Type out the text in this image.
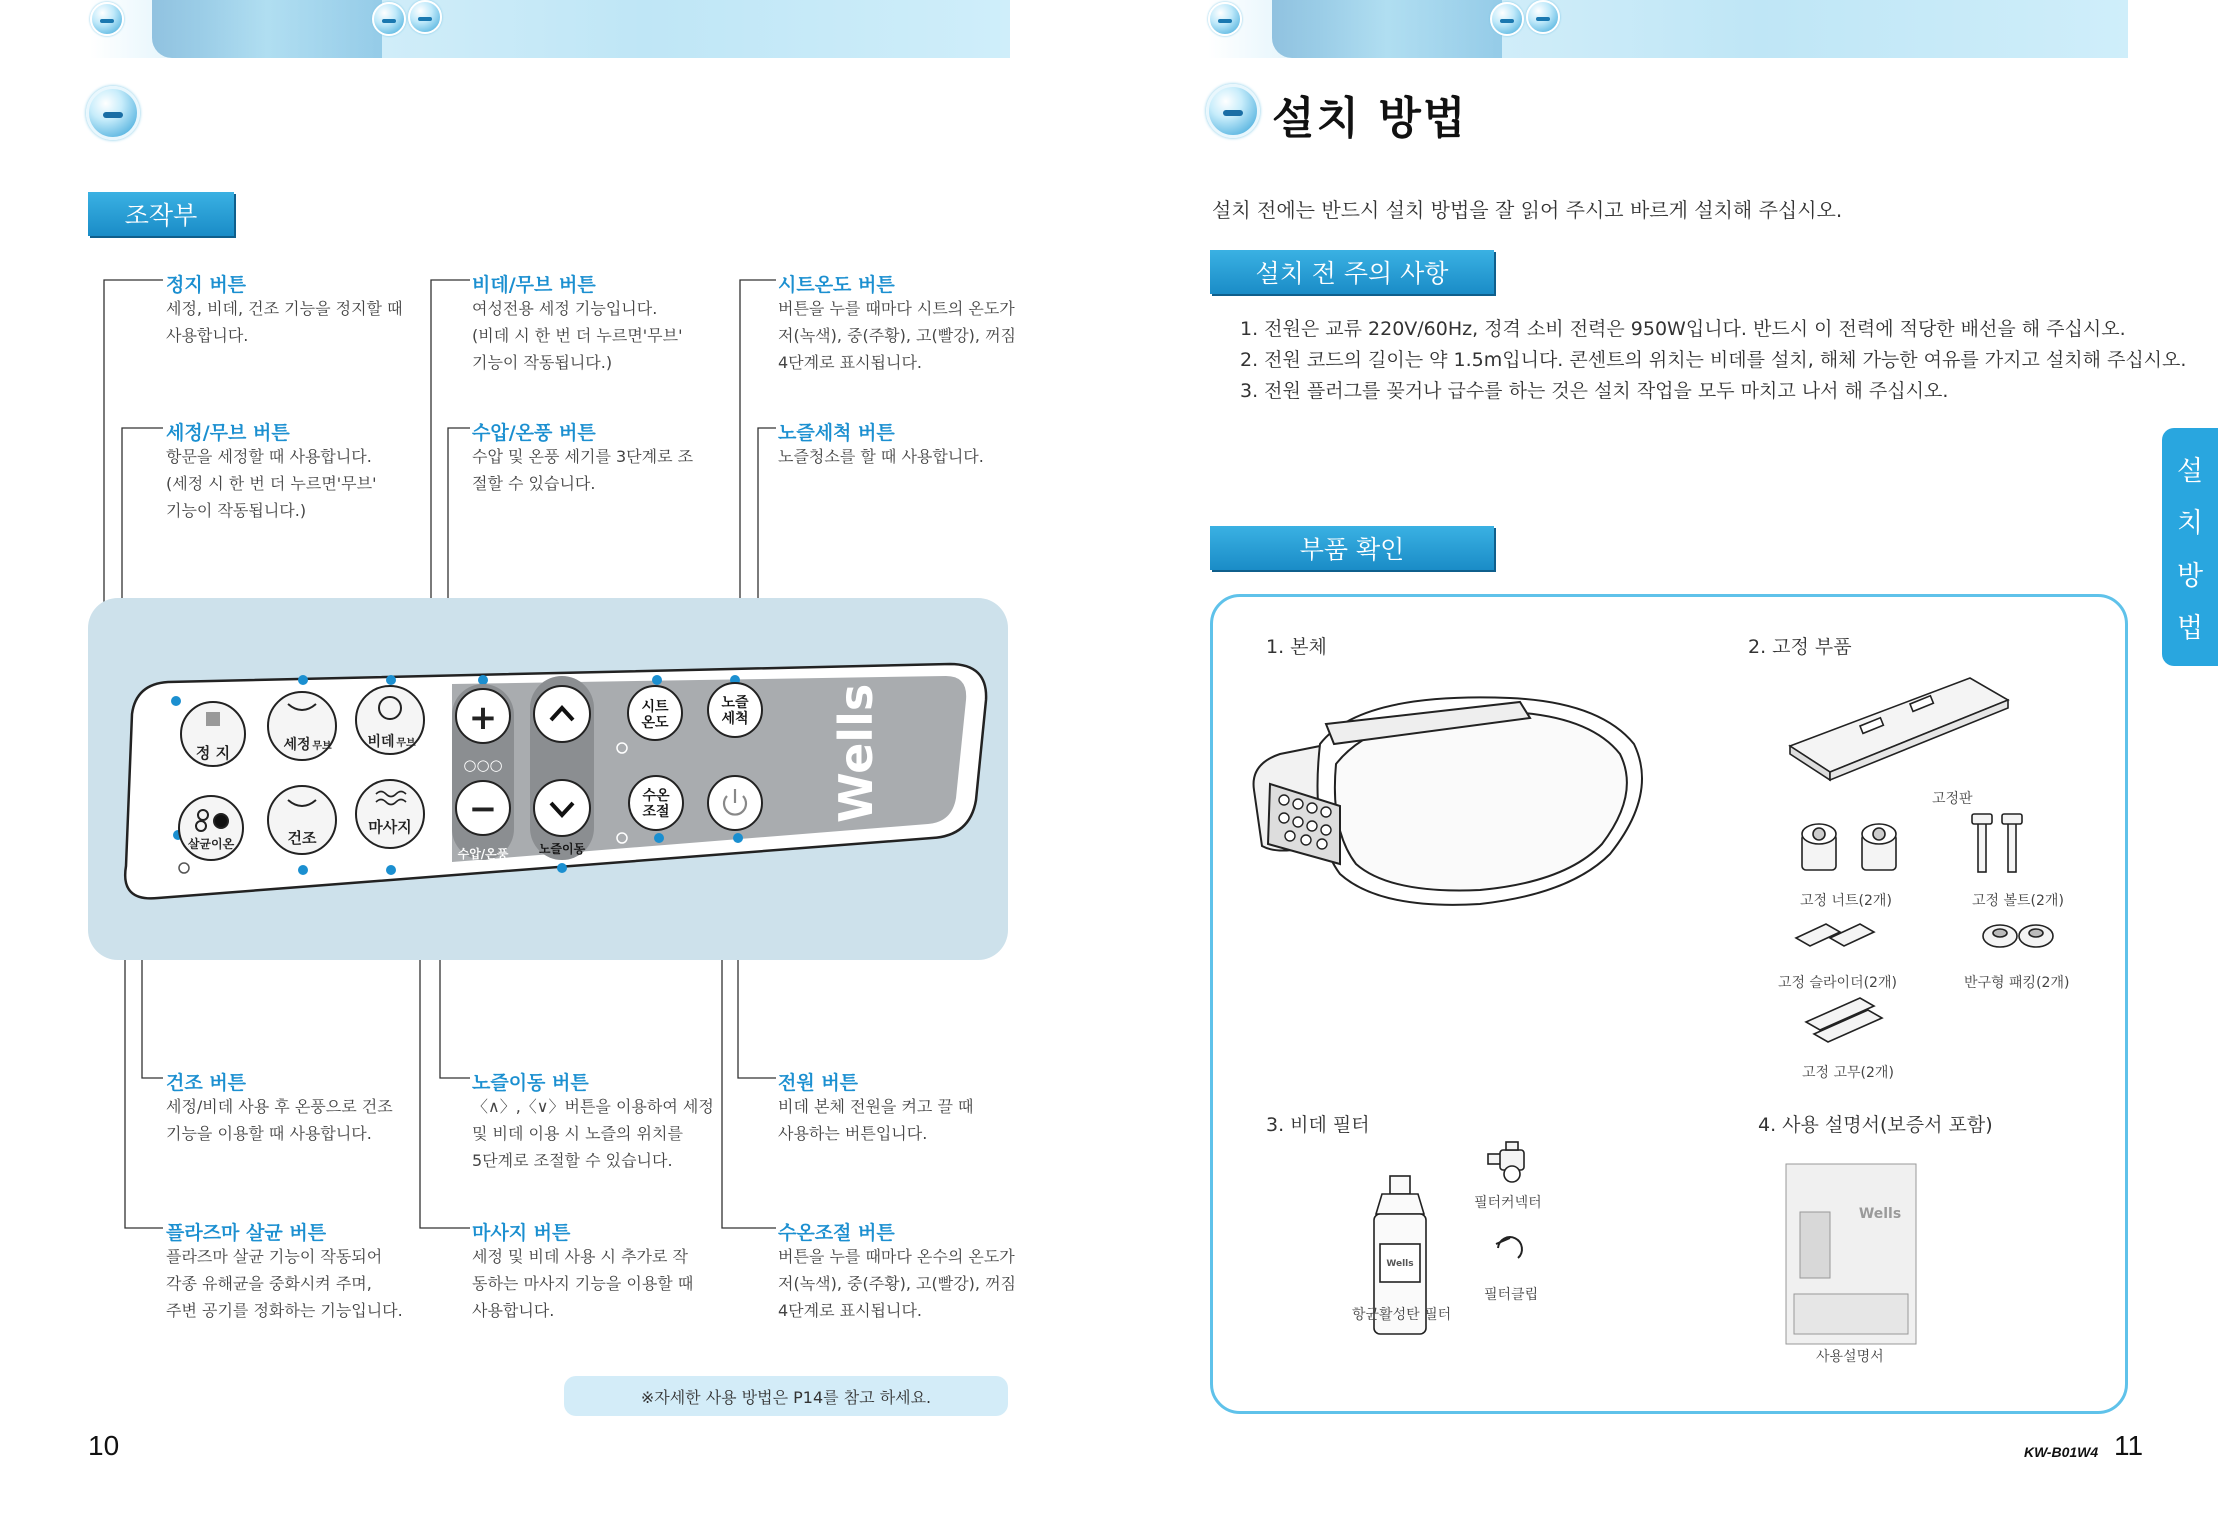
조작부
정지 버튼
세정, 비데, 건조 기능을 정지할 때
사용합니다.
비데/무브 버튼
여성전용 세정 기능입니다.
(비데 시 한 번 더 누르면'무브'
기능이 작동됩니다.)
시트온도 버튼
버튼을 누를 때마다 시트의 온도가
저(녹색), 중(주황), 고(빨강), 꺼짐
4단계로 표시됩니다.
세정/무브 버튼
항문을 세정할 때 사용합니다.
(세정 시 한 번 더 누르면'무브'
기능이 작동됩니다.)
수압/온풍 버튼
수압 및 온풍 세기를 3단계로 조
절할 수 있습니다.
노즐세척 버튼
노즐청소를 할 때 사용합니다.
건조 버튼
세정/비데 사용 후 온풍으로 건조
기능을 이용할 때 사용합니다.
노즐이동 버튼
〈∧〉,〈∨〉버튼을 이용하여 세정
및 비데 이용 시 노즐의 위치를
5단계로 조절할 수 있습니다.
전원 버튼
비데 본체 전원을 켜고 끌 때
사용하는 버튼입니다.
플라즈마 살균 버튼
플라즈마 살균 기능이 작동되어
각종 유해균을 중화시켜 주며,
주변 공기를 정화하는 기능입니다.
마사지 버튼
세정 및 비데 사용 시 추가로 작
동하는 마사지 기능을 이용할 때
사용합니다.
수온조절 버튼
버튼을 누를 때마다 온수의 온도가
저(녹색), 중(주황), 고(빨강), 꺼짐
4단계로 표시됩니다.
정 지	세정 무브	비데 무브
살균이온	건조
마사지
+
○○○
−
수압/온풍	노즐이동
시트
온도
노즐
세척
수온
조절	Wells
※자세한 사용 방법은 P14를 참고 하세요.
10
설치 방법
설치 전에는 반드시 설치 방법을 잘 읽어 주시고 바르게 설치해 주십시오.
설치 전 주의 사항
1. 전원은 교류 220V/60Hz, 정격 소비 전력은 950W입니다. 반드시 이 전력에 적당한 배선을 해 주십시오.
2. 전원 코드의 길이는 약 1.5m입니다. 콘센트의 위치는 비데를 설치, 해체 가능한 여유를 가지고 설치해 주십시오.
3. 전원 플러그를 꽂거나 급수를 하는 것은 설치 작업을 모두 마치고 나서 해 주십시오.
설
치
방
법
부품 확인
1. 본체	2. 고정 부품
3. 비데 필터	4. 사용 설명서(보증서 포함)
Wells
Wells
고정판
고정 너트(2개)	고정 볼트(2개)
고정 슬라이더(2개)	반구형 패킹(2개)
고정 고무(2개)
필터커넥터
필터클립
항균활성탄 필터
사용설명서
KW-B01W4 11
